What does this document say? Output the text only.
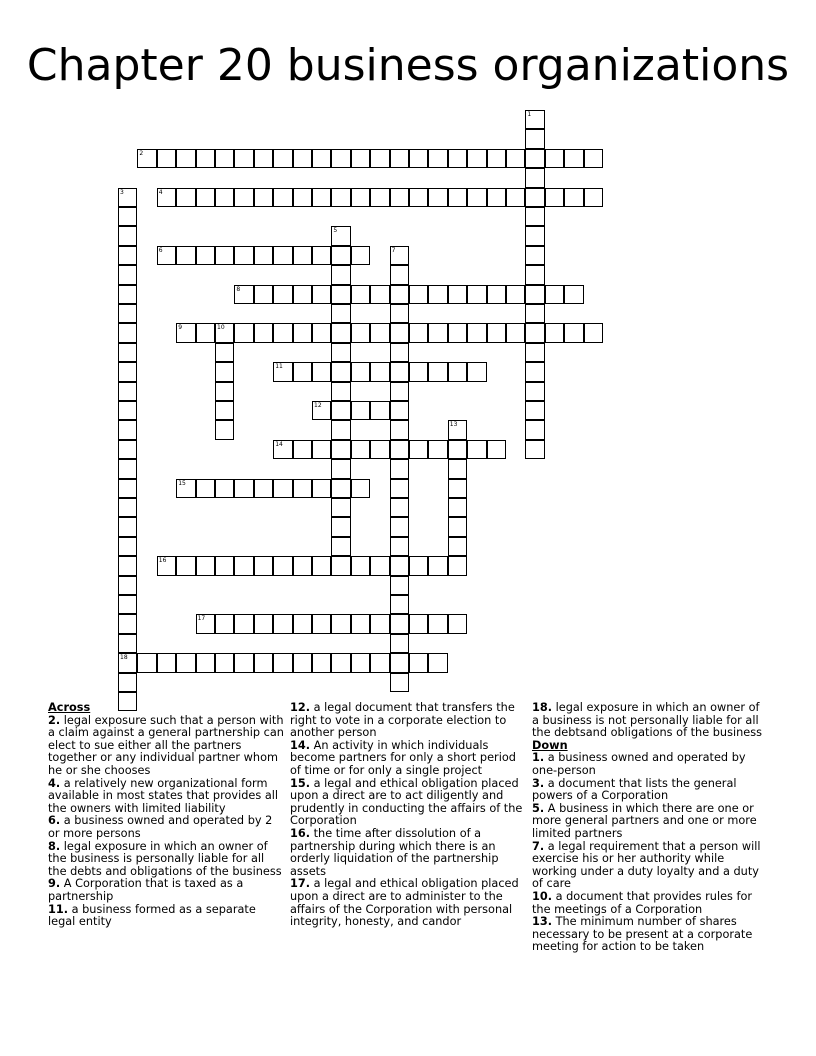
Chapter 20 business organizations
1
2
3
18
4
5
6	7
8
9	10
11
12
13
14
15
16
17
Across
2. legal exposure such that a person with a claim against a general partnership can elect to sue either all the partners together or any individual partner whom he or she chooses
4. a relatively new organizational form available in most states that provides all the owners with limited liability
6. a business owned and operated by 2 or more persons
8. legal exposure in which an owner of the business is personally liable for all the debts and obligations of the business
9. A Corporation that is taxed as a partnership
11. a business formed as a separate legal entity
12. a legal document that transfers the right to vote in a corporate election to another person
14. An activity in which individuals become partners for only a short period of time or for only a single project
15. a legal and ethical obligation placed upon a direct are to act diligently and prudently in conducting the affairs of the Corporation
16. the time after dissolution of a partnership during which there is an orderly liquidation of the partnership assets
17. a legal and ethical obligation placed upon a direct are to administer to the affairs of the Corporation with personal integrity, honesty, and candor
18. legal exposure in which an owner of a business is not personally liable for all the debtsand obligations of the business
Down
1. a business owned and operated by one-person
3. a document that lists the general powers of a Corporation
5. A business in which there are one or more general partners and one or more limited partners
7. a legal requirement that a person will exercise his or her authority while working under a duty loyalty and a duty of care
10. a document that provides rules for the meetings of a Corporation
13. The minimum number of shares necessary to be present at a corporate meeting for action to be taken
